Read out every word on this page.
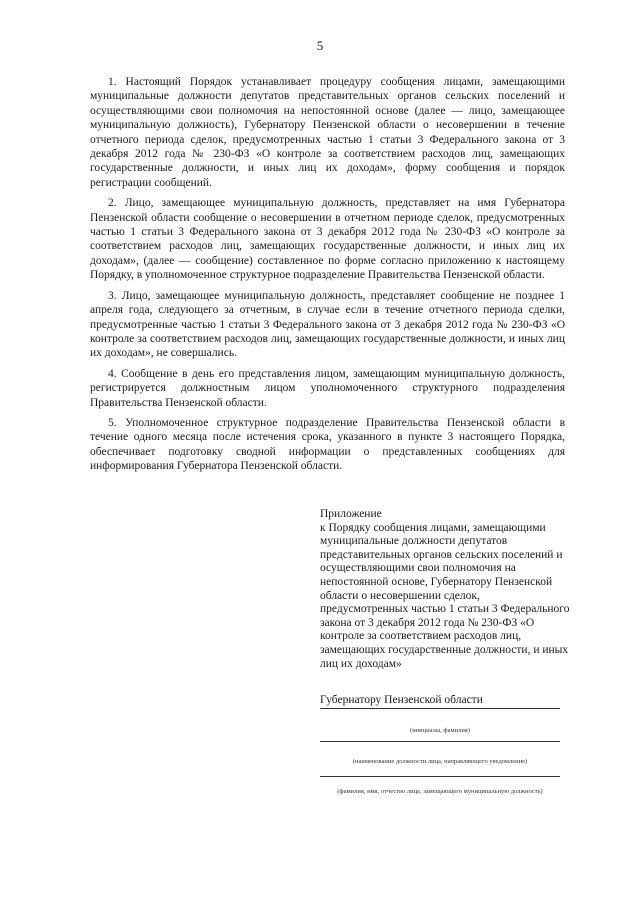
5

1. Настоящий Порядок устанавливает процедуру сообщения лицами, замещающими муниципальные должности депутатов представительных органов сельских поселений и осуществляющими свои полномочия на непостоянной основе (далее — лицо, замещающее муниципальную должность), Губернатору Пензенской области о несовершении в течение отчетного периода сделок, предусмотренных частью 1 статьи 3 Федерального закона от 3 декабря 2012 года № 230-ФЗ «О контроле за соответствием расходов лиц, замещающих государственные должности, и иных лиц их доходам», форму сообщения и порядок регистрации сообщений.

2. Лицо, замещающее муниципальную должность, представляет на имя Губернатора Пензенской области сообщение о несовершении в отчетном периоде сделок, предусмотренных частью 1 статьи 3 Федерального закона от 3 декабря 2012 года № 230-ФЗ «О контроле за соответствием расходов лиц, замещающих государственные должности, и иных лиц их доходам», (далее — сообщение) составленное по форме согласно приложению к настоящему Порядку, в уполномоченное структурное подразделение Правительства Пензенской области.

3. Лицо, замещающее муниципальную должность, представляет сообщение не позднее 1 апреля года, следующего за отчетным, в случае если в течение отчетного периода сделки, предусмотренные частью 1 статьи 3 Федерального закона от 3 декабря 2012 года № 230-ФЗ «О контроле за соответствием расходов лиц, замещающих государственные должности, и иных лиц их доходам», не совершались.

4. Сообщение в день его представления лицом, замещающим муниципальную должность, регистрируется должностным лицом уполномоченного структурного подразделения Правительства Пензенской области.

5. Уполномоченное структурное подразделение Правительства Пензенской области в течение одного месяца после истечения срока, указанного в пункте 3 настоящего Порядка, обеспечивает подготовку сводной информации о представленных сообщениях для информирования Губернатора Пензенской области.

Приложение

к Порядку сообщения лицами, замещающими муниципальные должности депутатов представительных органов сельских поселений и осуществляющими свои полномочия на непостоянной основе, Губернатору Пензенской области о несовершении сделок, предусмотренных частью 1 статьи 3 Федерального закона от 3 декабря 2012 года № 230-ФЗ «О контроле за соответствием расходов лиц, замещающих государственные должности, и иных лиц их доходам»

Губернатору Пензенской области
(инициалы, фамилия)
(наименование должности лица, направляющего уведомление)
(фамилия, имя, отчество лица, замещающего муниципальную должность)
